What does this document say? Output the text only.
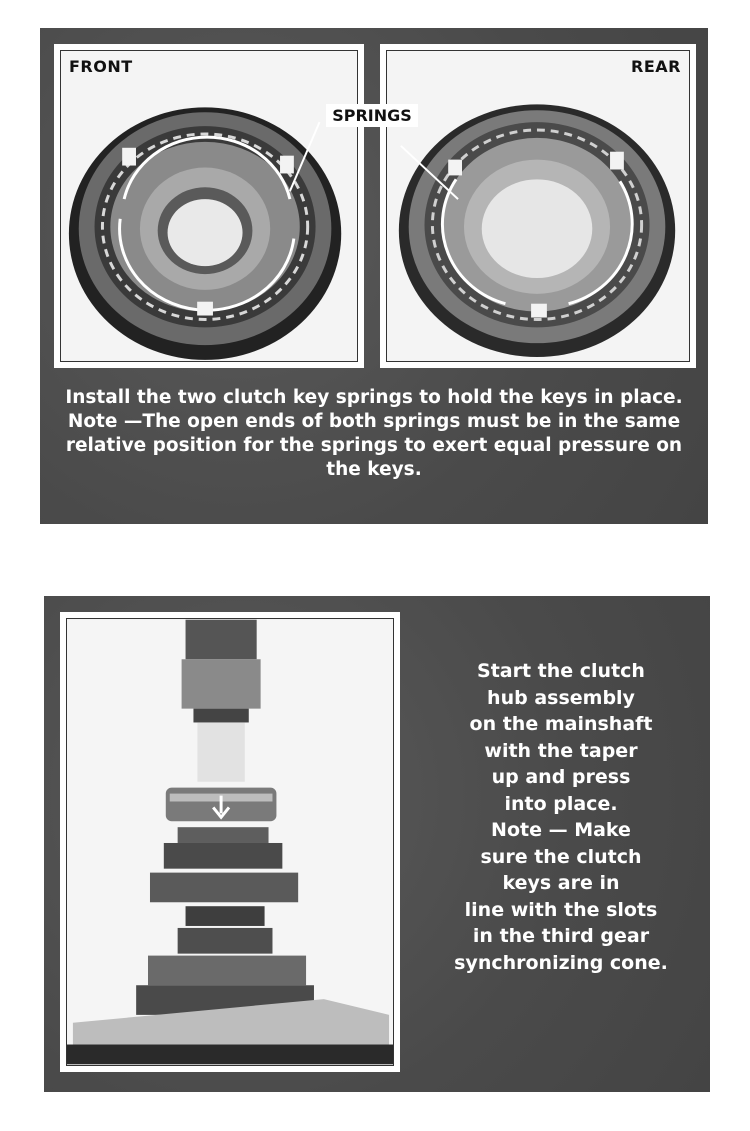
FRONT	REAR
SPRINGS
Install the two clutch key springs to hold the keys in place. Note —The open ends of both springs must be in the same relative position for the springs to exert equal pressure on the keys.
Start the clutch
hub assembly
on the mainshaft
with the taper
up and press
into place.
Note — Make
sure the clutch
keys are in
line with the slots
in the third gear
synchronizing cone.
